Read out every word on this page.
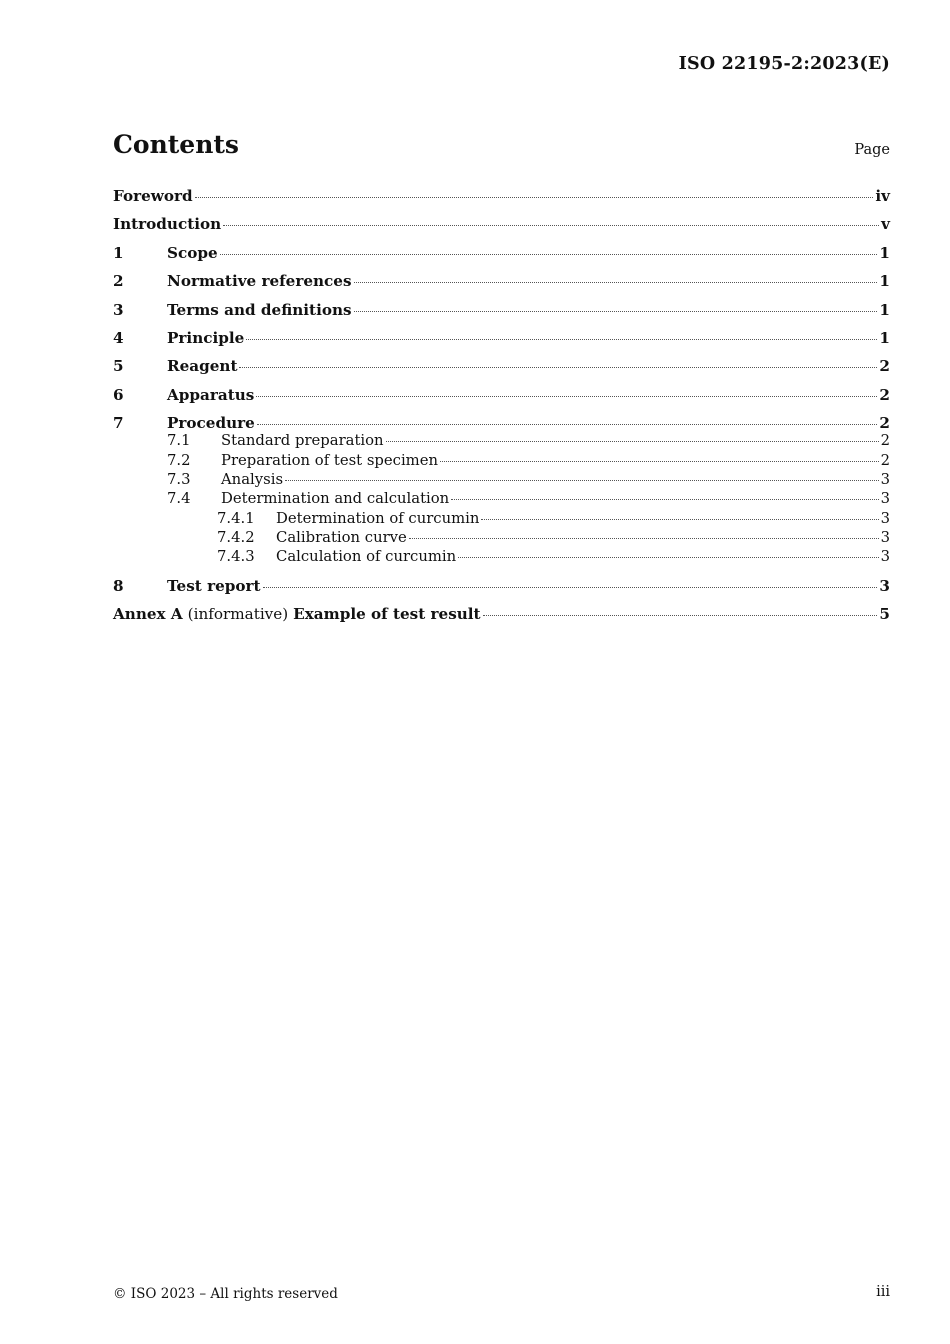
ISO 22195-2:2023(E)
Contents	Page
Foreword	iv
Introduction	v
1	Scope	1
2	Normative references	1
3	Terms and definitions	1
4	Principle	1
5	Reagent	2
6	Apparatus	2
7	Procedure	2
7.1	Standard preparation	2
7.2	Preparation of test specimen	2
7.3	Analysis	3
7.4	Determination and calculation	3
7.4.1	Determination of curcumin	3
7.4.2	Calibration curve	3
7.4.3	Calculation of curcumin	3
8	Test report	3
Annex A (informative) Example of test result	5
© ISO 2023 – All rights reserved	iii
